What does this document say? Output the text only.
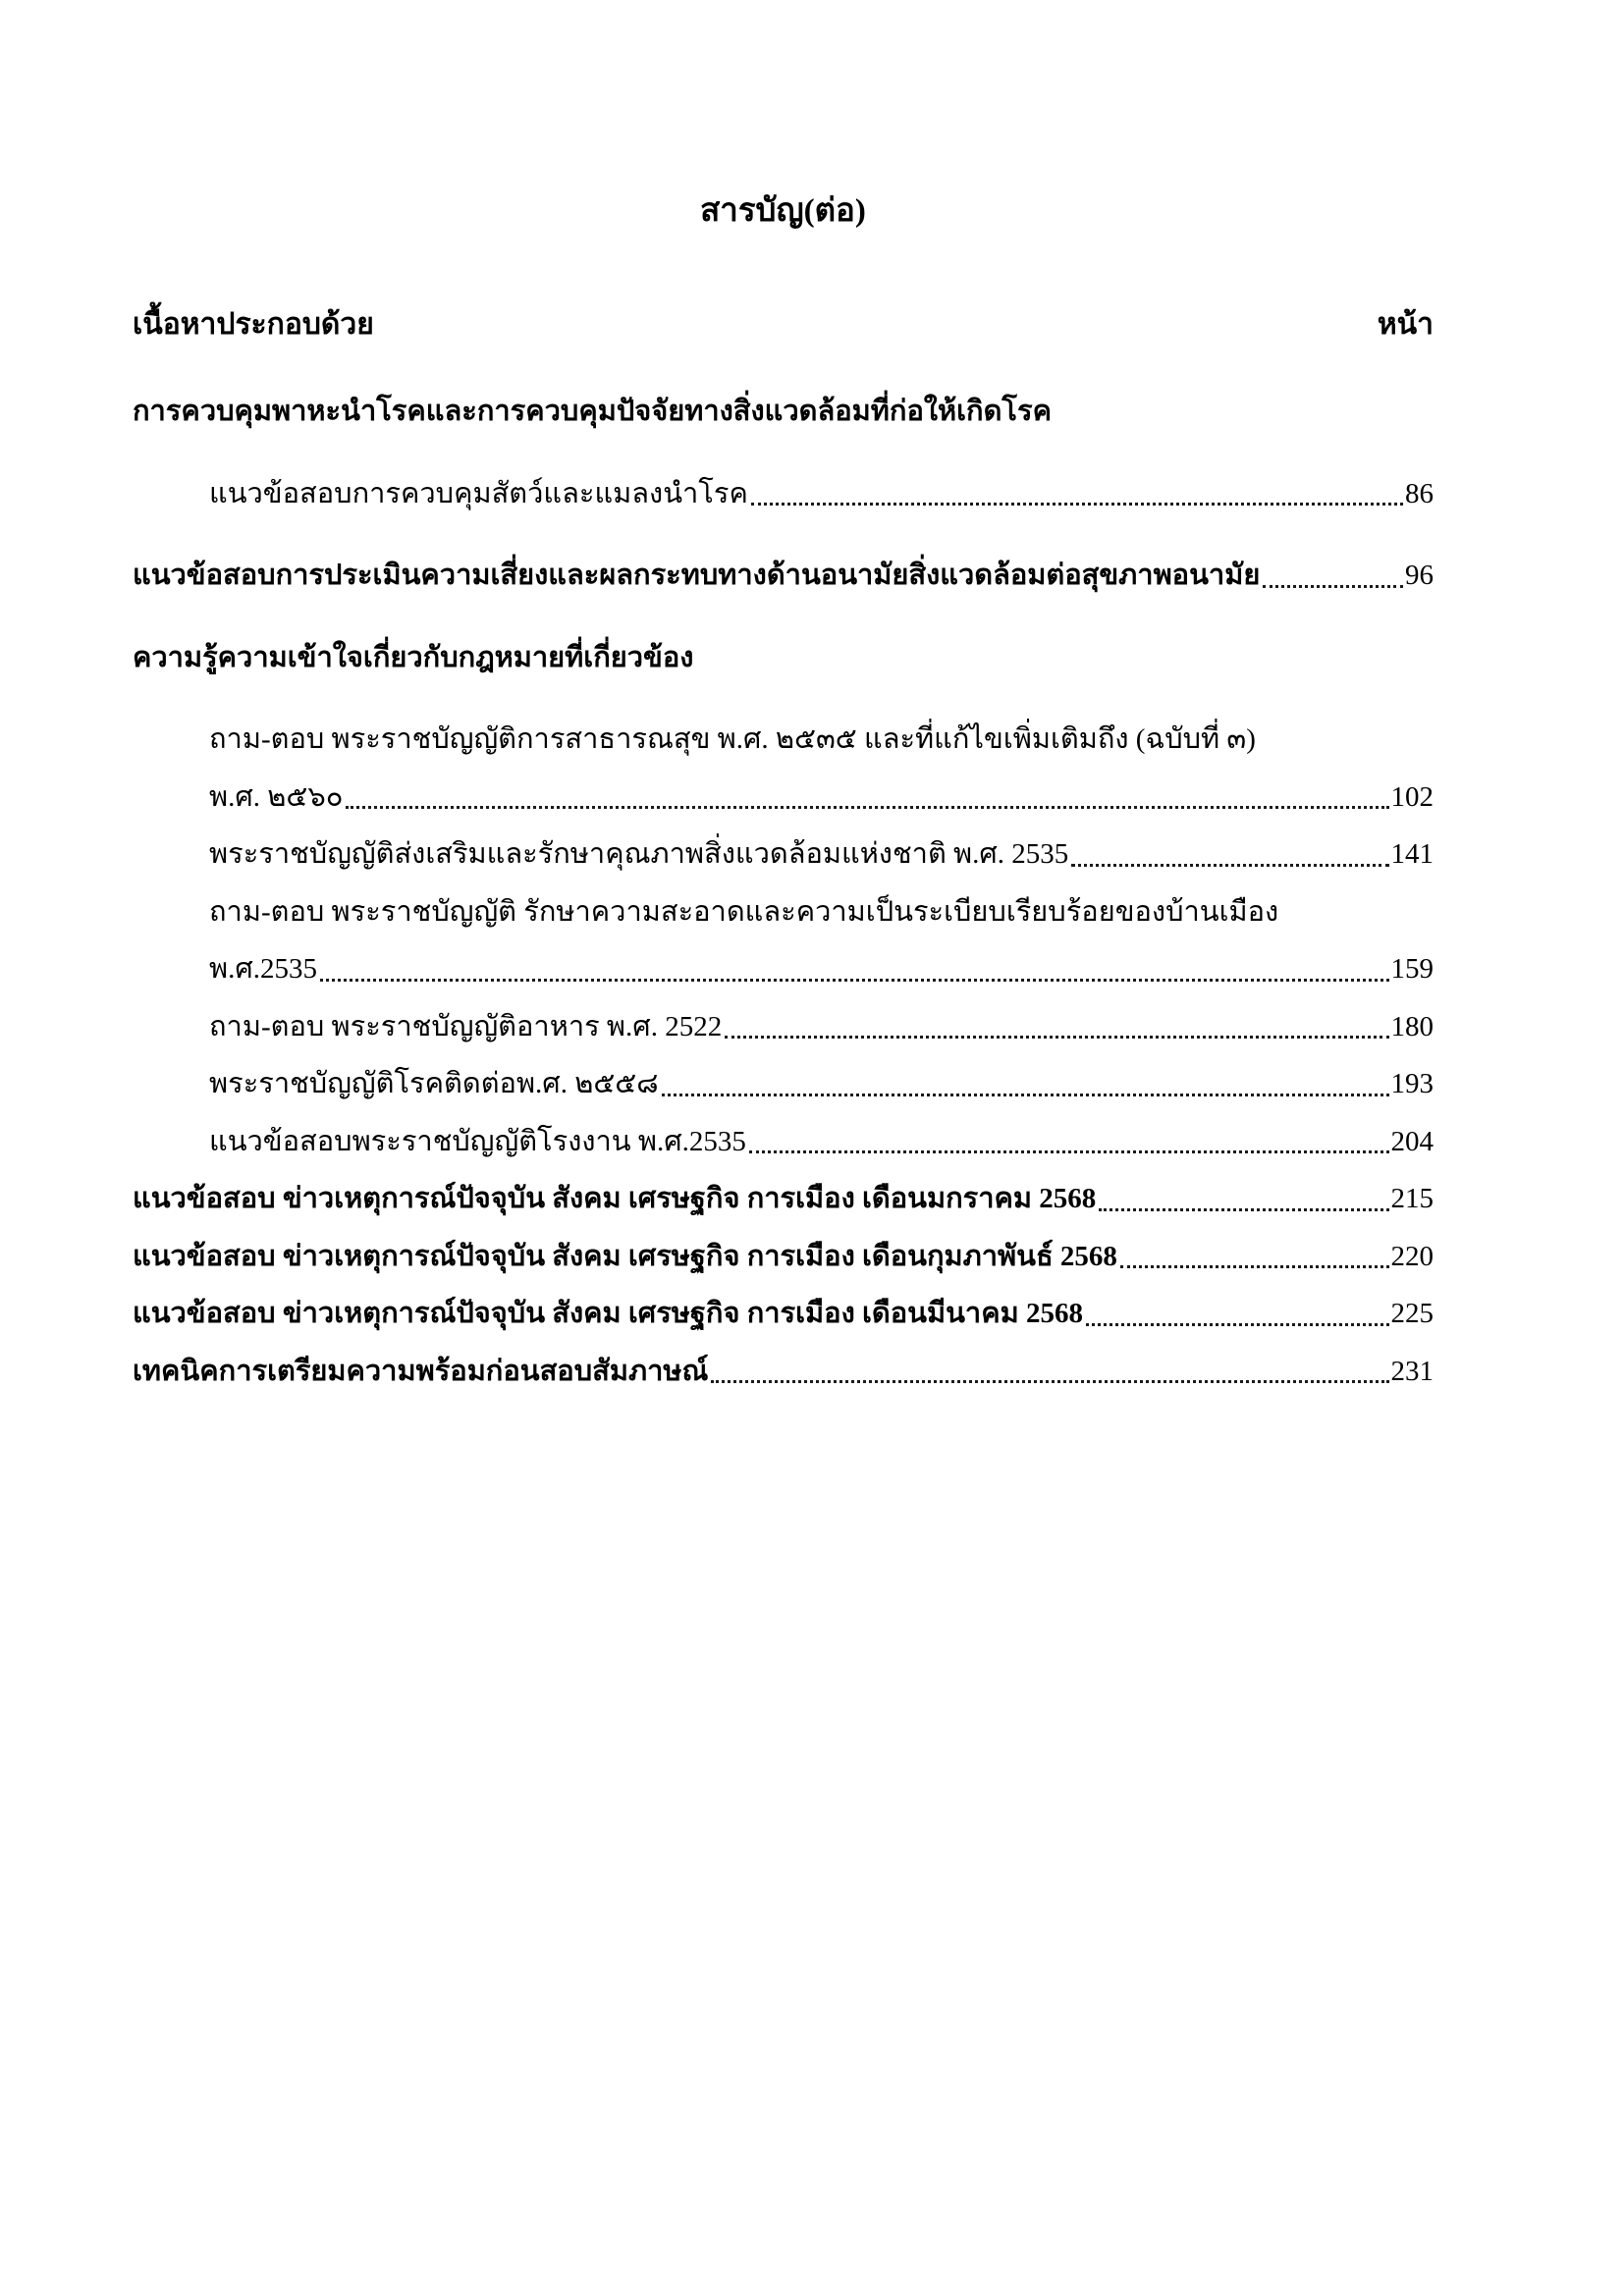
สารบัญ(ต่อ)
เนื้อหาประกอบด้วย	หน้า
การควบคุมพาหะนำโรคและการควบคุมปัจจัยทางสิ่งแวดล้อมที่ก่อให้เกิดโรค
แนวข้อสอบการควบคุมสัตว์และแมลงนำโรค	86
แนวข้อสอบการประเมินความเสี่ยงและผลกระทบทางด้านอนามัยสิ่งแวดล้อมต่อสุขภาพอนามัย	96
ความรู้ความเข้าใจเกี่ยวกับกฎหมายที่เกี่ยวข้อง
ถาม-ตอบ พระราชบัญญัติการสาธารณสุข พ.ศ. ๒๕๓๕ และที่แก้ไขเพิ่มเติมถึง (ฉบับที่ ๓)
พ.ศ. ๒๕๖๐	102
พระราชบัญญัติส่งเสริมและรักษาคุณภาพสิ่งแวดล้อมแห่งชาติ พ.ศ. 2535	141
ถาม-ตอบ พระราชบัญญัติ รักษาความสะอาดและความเป็นระเบียบเรียบร้อยของบ้านเมือง
พ.ศ.2535	159
ถาม-ตอบ พระราชบัญญัติอาหาร พ.ศ. 2522	180
พระราชบัญญัติโรคติดต่อพ.ศ. ๒๕๕๘	193
แนวข้อสอบพระราชบัญญัติโรงงาน พ.ศ.2535	204
แนวข้อสอบ ข่าวเหตุการณ์ปัจจุบัน สังคม เศรษฐกิจ การเมือง เดือนมกราคม 2568	215
แนวข้อสอบ ข่าวเหตุการณ์ปัจจุบัน สังคม เศรษฐกิจ การเมือง เดือนกุมภาพันธ์ 2568	220
แนวข้อสอบ ข่าวเหตุการณ์ปัจจุบัน สังคม เศรษฐกิจ การเมือง เดือนมีนาคม 2568	225
เทคนิคการเตรียมความพร้อมก่อนสอบสัมภาษณ์	231
